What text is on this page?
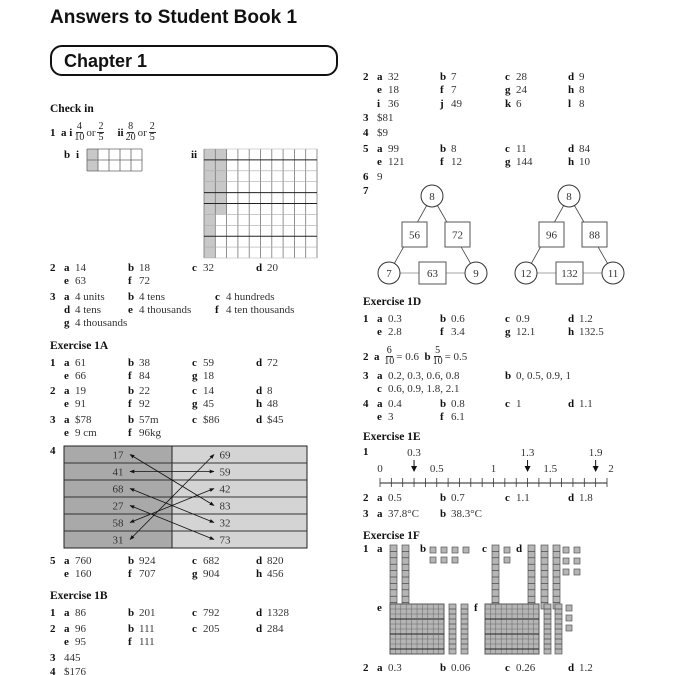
Answers to Student Book 1
Chapter 1
Check in
Exercise 1A
Exercise 1B
Exercise 1D
Exercise 1E
Exercise 1F
1
a
i $\frac{4}{10}$ or $\frac{2}{5}$
ii $\frac{8}{20}$ or $\frac{2}{5}$
b i	ii
2
a
$\frac{6}{10} = 0.6$
b $\frac{5}{10} = 0.5$
4
7
1
1 a	b	c	d
e	f
2 a 14	b 18	c 32	d 20
e 63	f 72
3 a 4 units b 4 tens	c 4 hundreds
d 4 tens e 4 thousands f 4 ten thousands
g 4 thousands
1 a 61	b 38	c 59	d 72
e 66	f 84	g 18
2 a 19	b 22	c 14	d 8
e 91	f 92	g 45	h 48
3 a $78	b 57m	c $86	d $45
e 9 cm	f 96kg
5 a 760	b 924	c 682	d 820
e 160	f 707	g 904	h 456
1 a 86	b 201	c 792	d 1328
2 a 96	b 111	c 205	d 284
e 95	f 111
3 445
4 $176
2 a 32	b 7	c 28	d 9
e 18	f 7	g 24	h 8
i 36	j 49	k 6	l 8
3 $81
4 $9
5 a 99	b 8	c 11	d 84
e 121	f 12	g 144	h 10
6 9
1 a 0.3	b 0.6	c 0.9	d 1.2
e 2.8	f 3.4	g 12.1	h 132.5
3 a 0.2, 0.3, 0.6, 0.8	b 0, 0.5, 0.9, 1
c 0.6, 0.9, 1.8, 2.1
4 a 0.4	b 0.8	c 1	d 1.1
e 3	f 6.1
2 a 0.5	b 0.7	c 1.1	d 1.8
3 a 37.8°C b 38.3°C
2 a 0.3	b 0.06	c 0.26	d 1.2
17
41
68
27
58
31
69
59
42
83
32
73
8
7	9
56	72
63
8
12	11
96	88
132
0	0.5	1	1.5	2
0.3	1.3	1.9
